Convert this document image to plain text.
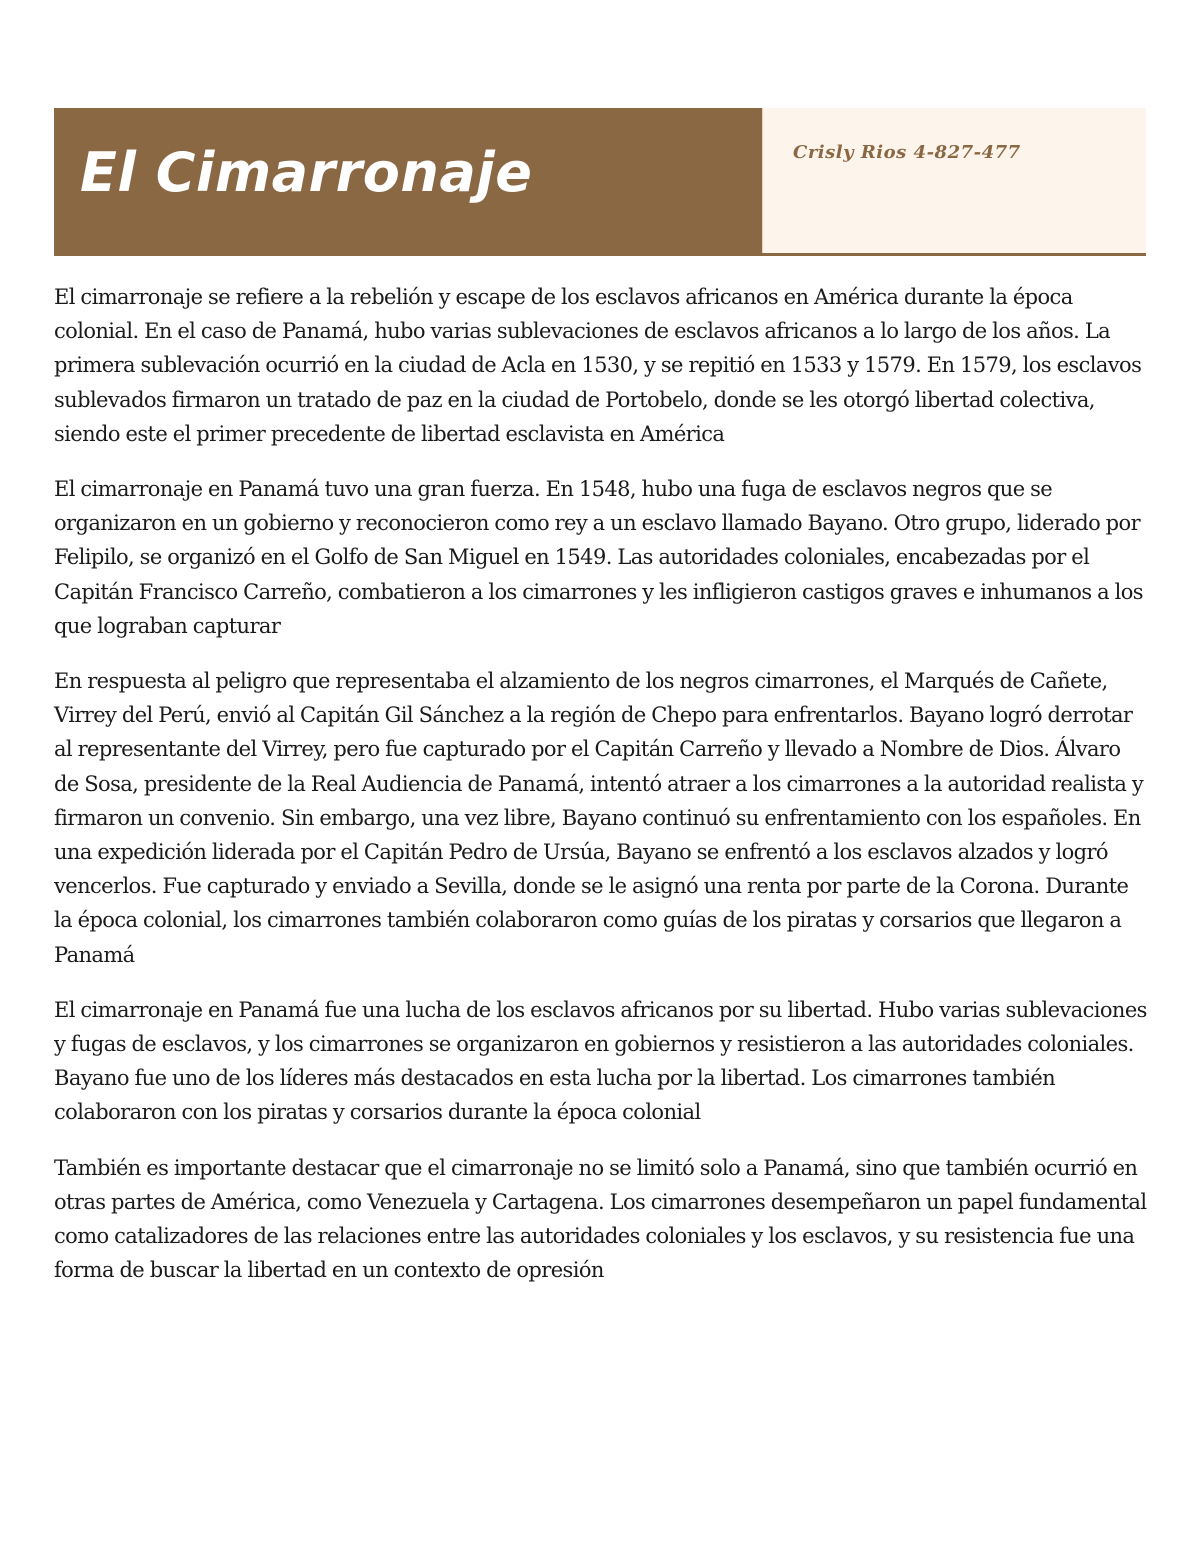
El Cimarronaje	Crisly Rios 4-827-477

El cimarronaje se refiere a la rebelión y escape de los esclavos africanos en América durante la época colonial. En el caso de Panamá, hubo varias sublevaciones de esclavos africanos a lo largo de los años. La primera sublevación ocurrió en la ciudad de Acla en 1530, y se repitió en 1533 y 1579. En 1579, los esclavos sublevados firmaron un tratado de paz en la ciudad de Portobelo, donde se les otorgó libertad colectiva, siendo este el primer precedente de libertad esclavista en América

El cimarronaje en Panamá tuvo una gran fuerza. En 1548, hubo una fuga de esclavos negros que se organizaron en un gobierno y reconocieron como rey a un esclavo llamado Bayano. Otro grupo, liderado por Felipilo, se organizó en el Golfo de San Miguel en 1549. Las autoridades coloniales, encabezadas por el Capitán Francisco Carreño, combatieron a los cimarrones y les infligieron castigos graves e inhumanos a los que lograban capturar

En respuesta al peligro que representaba el alzamiento de los negros cimarrones, el Marqués de Cañete, Virrey del Perú, envió al Capitán Gil Sánchez a la región de Chepo para enfrentarlos. Bayano logró derrotar al representante del Virrey, pero fue capturado por el Capitán Carreño y llevado a Nombre de Dios. Álvaro de Sosa, presidente de la Real Audiencia de Panamá, intentó atraer a los cimarrones a la autoridad realista y firmaron un convenio. Sin embargo, una vez libre, Bayano continuó su enfrentamiento con los españoles. En una expedición liderada por el Capitán Pedro de Ursúa, Bayano se enfrentó a los esclavos alzados y logró vencerlos. Fue capturado y enviado a Sevilla, donde se le asignó una renta por parte de la Corona. Durante la época colonial, los cimarrones también colaboraron como guías de los piratas y corsarios que llegaron a Panamá

El cimarronaje en Panamá fue una lucha de los esclavos africanos por su libertad. Hubo varias sublevaciones y fugas de esclavos, y los cimarrones se organizaron en gobiernos y resistieron a las autoridades coloniales. Bayano fue uno de los líderes más destacados en esta lucha por la libertad. Los cimarrones también colaboraron con los piratas y corsarios durante la época colonial

También es importante destacar que el cimarronaje no se limitó solo a Panamá, sino que también ocurrió en otras partes de América, como Venezuela y Cartagena. Los cimarrones desempeñaron un papel fundamental como catalizadores de las relaciones entre las autoridades coloniales y los esclavos, y su resistencia fue una forma de buscar la libertad en un contexto de opresión
